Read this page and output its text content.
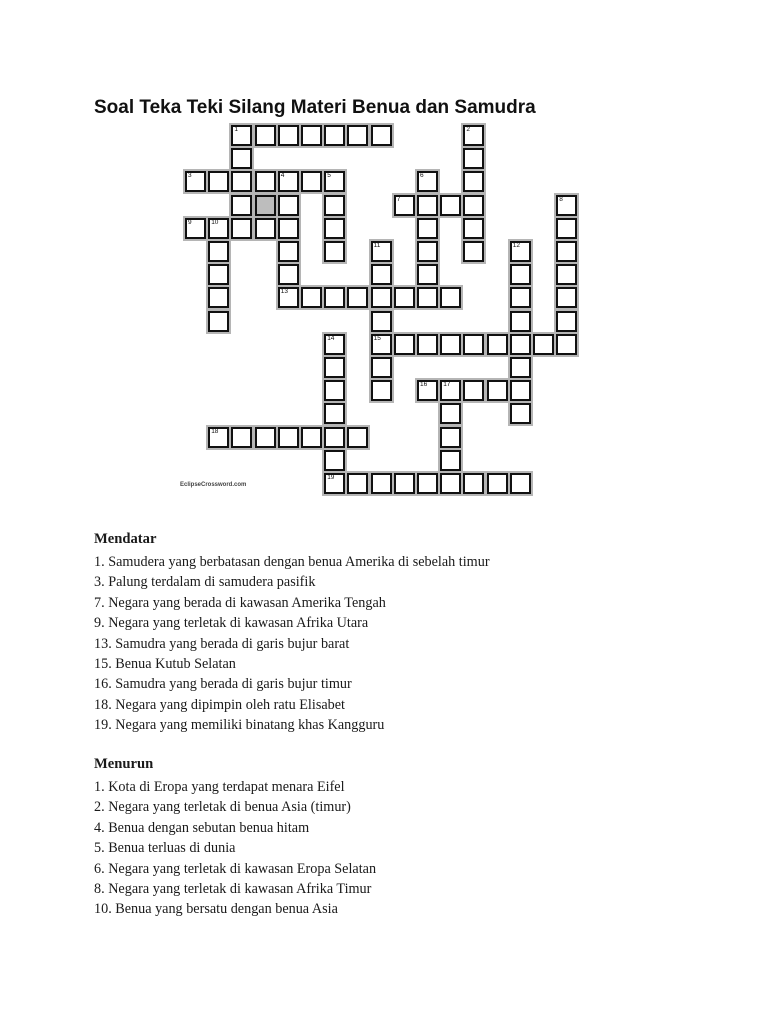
Soal Teka Teki Silang Materi Benua dan Samudra
1	2
3	4	5
13
6
7	8
9	10
11
15
12
14
19
16 17
18
EclipseCrossword.com
Mendatar
1. Samudera yang berbatasan dengan benua Amerika di sebelah timur
3. Palung terdalam di samudera pasifik
7. Negara yang berada di kawasan Amerika Tengah
9. Negara yang terletak di kawasan Afrika Utara
13. Samudra yang berada di garis bujur barat
15. Benua Kutub Selatan
16. Samudra yang berada di garis bujur timur
18. Negara yang dipimpin oleh ratu Elisabet
19. Negara yang memiliki binatang khas Kangguru
Menurun
1. Kota di Eropa yang terdapat menara Eifel
2. Negara yang terletak di benua Asia (timur)
4. Benua dengan sebutan benua hitam
5. Benua terluas di dunia
6. Negara yang terletak di kawasan Eropa Selatan
8. Negara yang terletak di kawasan Afrika Timur
10. Benua yang bersatu dengan benua Asia
